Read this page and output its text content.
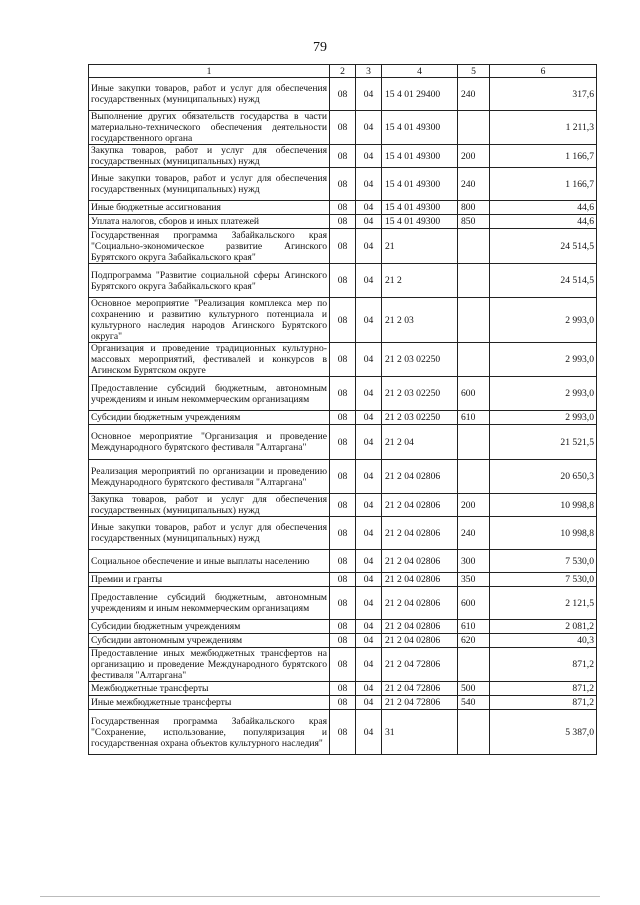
79
1	2	3	4	5	6
Иные закупки товаров, работ и услуг для обеспечения государственных (муниципальных) нужд	08	04	15 4 01 29400	240	317,6
Выполнение других обязательств государства в части материально-технического обеспечения деятельности государственного органа	08	04	15 4 01 49300		1 211,3
Закупка товаров, работ и услуг для обеспечения государственных (муниципальных) нужд	08	04	15 4 01 49300	200	1 166,7
Иные закупки товаров, работ и услуг для обеспечения государственных (муниципальных) нужд	08	04	15 4 01 49300	240	1 166,7
Иные бюджетные ассигнования	08	04	15 4 01 49300	800	44,6
Уплата налогов, сборов и иных платежей	08	04	15 4 01 49300	850	44,6
Государственная программа Забайкальского края "Социально-экономическое развитие Агинского Бурятского округа Забайкальского края"	08	04	21		24 514,5
Подпрограмма "Развитие социальной сферы Агинского Бурятского округа Забайкальского края"	08	04	21 2		24 514,5
Основное мероприятие "Реализация комплекса мер по сохранению и развитию культурного потенциала и культурного наследия народов Агинского Бурятского округа"	08	04	21 2 03		2 993,0
Организация и проведение традиционных культурно-массовых мероприятий, фестивалей и конкурсов в Агинском Бурятском округе	08	04	21 2 03 02250		2 993,0
Предоставление субсидий бюджетным, автономным учреждениям и иным некоммерческим организациям	08	04	21 2 03 02250	600	2 993,0
Субсидии бюджетным учреждениям	08	04	21 2 03 02250	610	2 993,0
Основное мероприятие "Организация и проведение Международного бурятского фестиваля "Алтаргана"	08	04	21 2 04		21 521,5
Реализация мероприятий по организации и проведению Международного бурятского фестиваля "Алтаргана"	08	04	21 2 04 02806		20 650,3
Закупка товаров, работ и услуг для обеспечения государственных (муниципальных) нужд	08	04	21 2 04 02806	200	10 998,8
Иные закупки товаров, работ и услуг для обеспечения государственных (муниципальных) нужд	08	04	21 2 04 02806	240	10 998,8
Социальное обеспечение и иные выплаты населению	08	04	21 2 04 02806	300	7 530,0
Премии и гранты	08	04	21 2 04 02806	350	7 530,0
Предоставление субсидий бюджетным, автономным учреждениям и иным некоммерческим организациям	08	04	21 2 04 02806	600	2 121,5
Субсидии бюджетным учреждениям	08	04	21 2 04 02806	610	2 081,2
Субсидии автономным учреждениям	08	04	21 2 04 02806	620	40,3
Предоставление иных межбюджетных трансфертов на организацию и проведение Международного бурятского фестиваля "Алтаргана"	08	04	21 2 04 72806		871,2
Межбюджетные трансферты	08	04	21 2 04 72806	500	871,2
Иные межбюджетные трансферты	08	04	21 2 04 72806	540	871,2
Государственная программа Забайкальского края "Сохранение, использование, популяризация и государственная охрана объектов культурного наследия"	08	04	31		5 387,0
